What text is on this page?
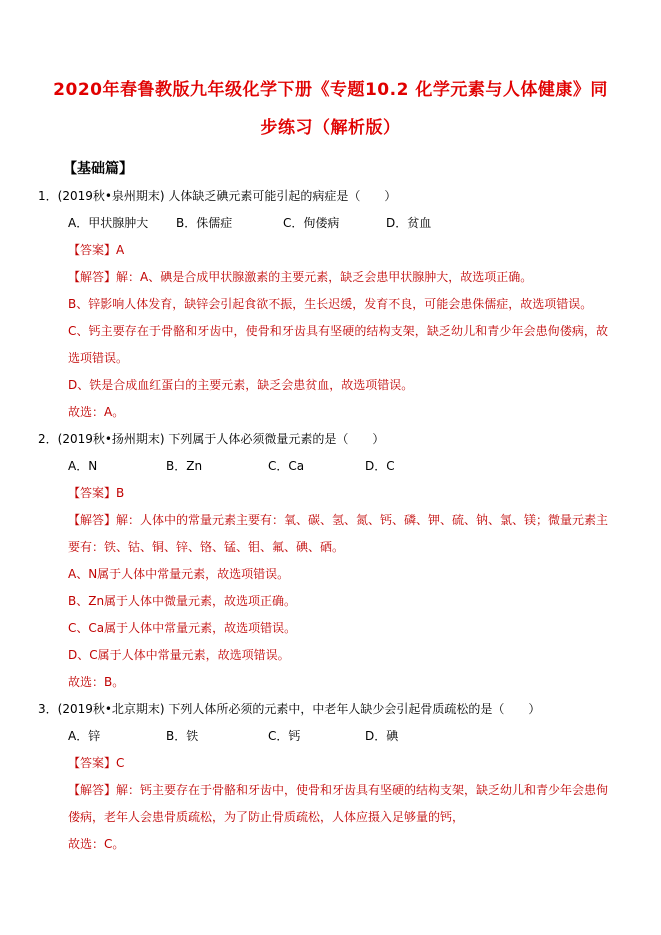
2020年春鲁教版九年级化学下册《专题10.2 化学元素与人体健康》同
步练习（解析版）
【基础篇】

1．(2019秋•泉州期末) 人体缺乏碘元素可能引起的病症是（　　）

A．甲状腺肿大	B．侏儒症	C．佝偻病	D．贫血

【答案】A

【解答】解：A、碘是合成甲状腺激素的主要元素，缺乏会患甲状腺肿大，故选项正确。

B、锌影响人体发育，缺锌会引起食欲不振，生长迟缓，发育不良，可能会患侏儒症，故选项错误。

C、钙主要存在于骨骼和牙齿中，使骨和牙齿具有坚硬的结构支架，缺乏幼儿和青少年会患佝偻病，故选项错误。

D、铁是合成血红蛋白的主要元素，缺乏会患贫血，故选项错误。

故选：A。

2．(2019秋•扬州期末) 下列属于人体必须微量元素的是（　　）

A．N	B．Zn	C．Ca	D．C

【答案】B

【解答】解：人体中的常量元素主要有：氧、碳、氢、氮、钙、磷、钾、硫、钠、氯、镁；微量元素主要有：铁、钴、铜、锌、铬、锰、钼、氟、碘、硒。

A、N属于人体中常量元素，故选项错误。

B、Zn属于人体中微量元素，故选项正确。

C、Ca属于人体中常量元素，故选项错误。

D、C属于人体中常量元素，故选项错误。

故选：B。

3．(2019秋•北京期末) 下列人体所必须的元素中，中老年人缺少会引起骨质疏松的是（　　）

A．锌	B．铁	C．钙	D．碘

【答案】C

【解答】解：钙主要存在于骨骼和牙齿中，使骨和牙齿具有坚硬的结构支架，缺乏幼儿和青少年会患佝偻病，老年人会患骨质疏松，为了防止骨质疏松，人体应摄入足够量的钙，

故选：C。
